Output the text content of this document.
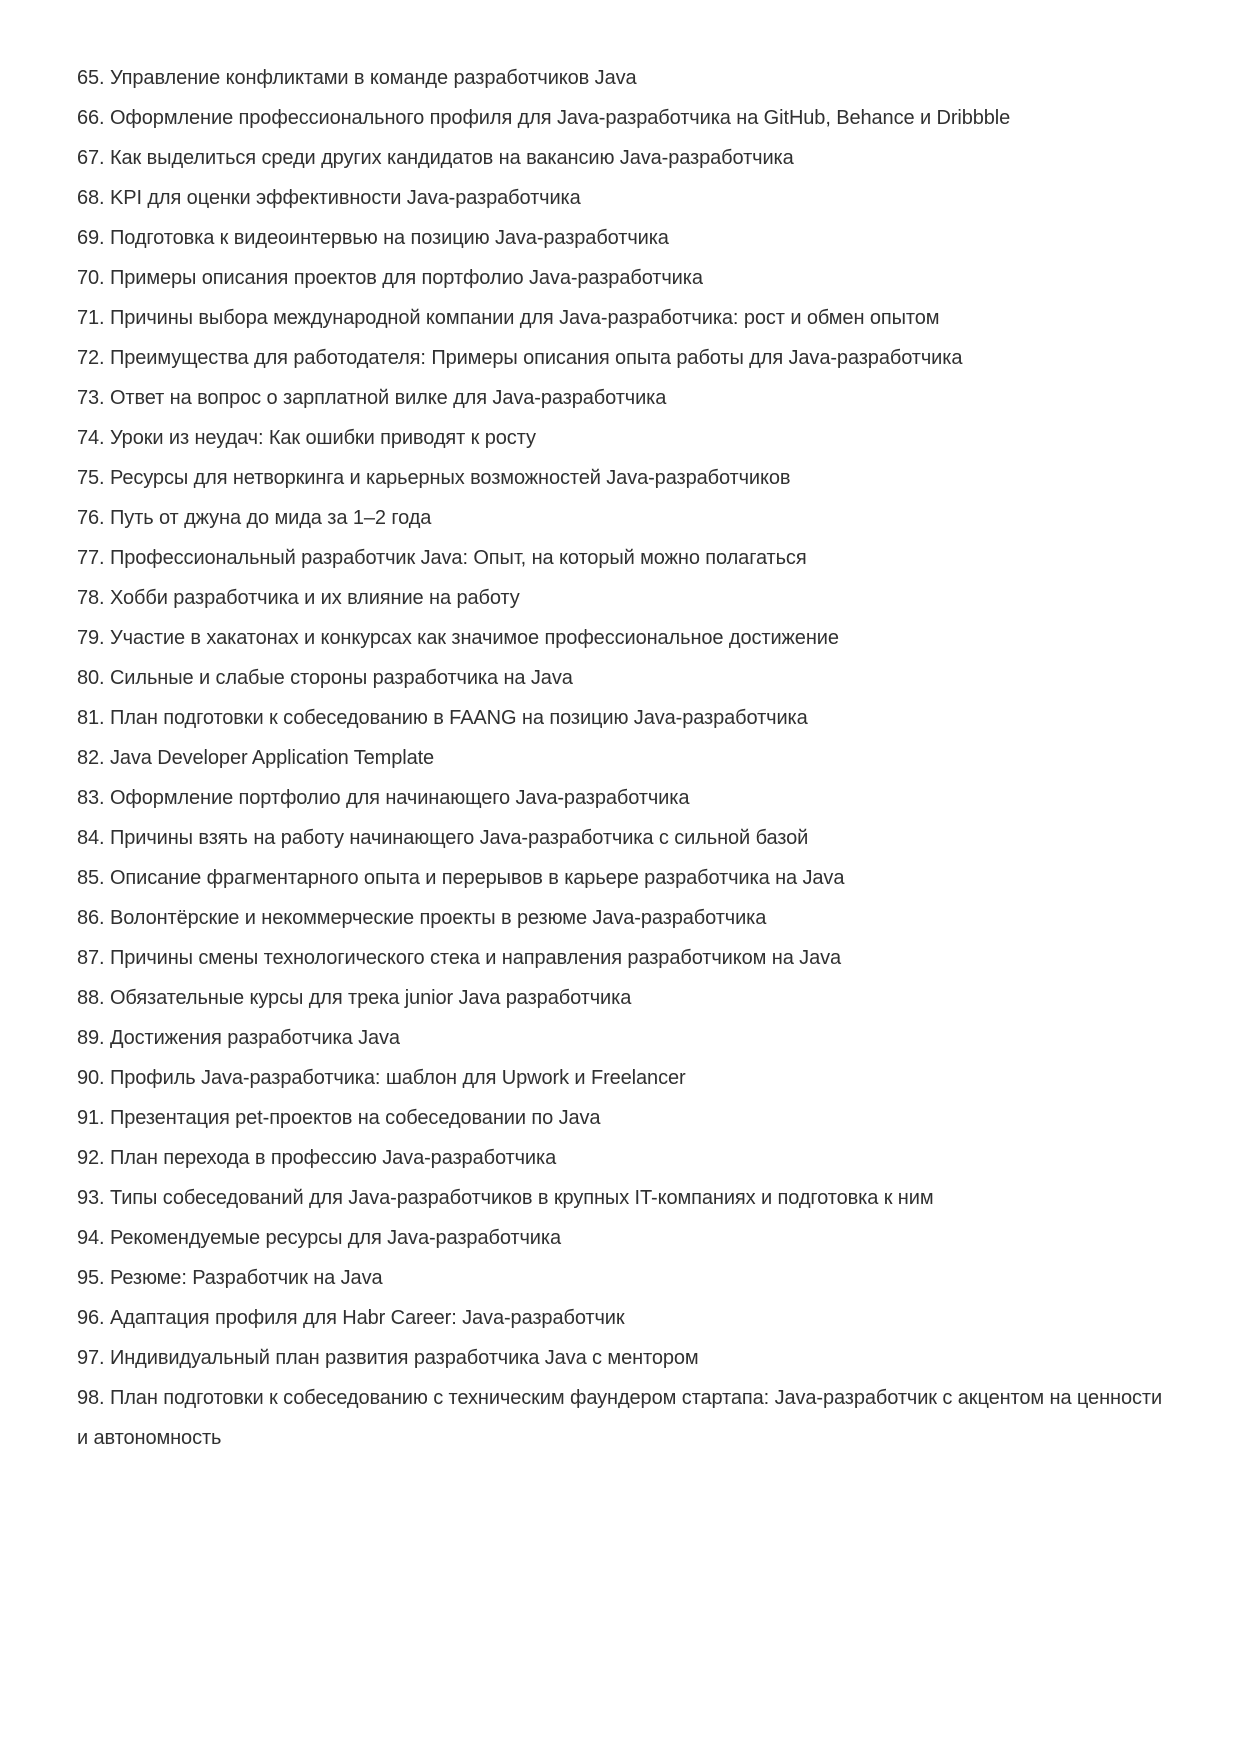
65. Управление конфликтами в команде разработчиков Java

66. Оформление профессионального профиля для Java-разработчика на GitHub, Behance и Dribbble

67. Как выделиться среди других кандидатов на вакансию Java-разработчика

68. KPI для оценки эффективности Java-разработчика

69. Подготовка к видеоинтервью на позицию Java-разработчика

70. Примеры описания проектов для портфолио Java-разработчика

71. Причины выбора международной компании для Java-разработчика: рост и обмен опытом

72. Преимущества для работодателя: Примеры описания опыта работы для Java-разработчика

73. Ответ на вопрос о зарплатной вилке для Java-разработчика

74. Уроки из неудач: Как ошибки приводят к росту

75. Ресурсы для нетворкинга и карьерных возможностей Java-разработчиков

76. Путь от джуна до мида за 1–2 года

77. Профессиональный разработчик Java: Опыт, на который можно полагаться

78. Хобби разработчика и их влияние на работу

79. Участие в хакатонах и конкурсах как значимое профессиональное достижение

80. Сильные и слабые стороны разработчика на Java

81. План подготовки к собеседованию в FAANG на позицию Java-разработчика

82. Java Developer Application Template

83. Оформление портфолио для начинающего Java-разработчика

84. Причины взять на работу начинающего Java-разработчика с сильной базой

85. Описание фрагментарного опыта и перерывов в карьере разработчика на Java

86. Волонтёрские и некоммерческие проекты в резюме Java-разработчика

87. Причины смены технологического стека и направления разработчиком на Java

88. Обязательные курсы для трека junior Java разработчика

89. Достижения разработчика Java

90. Профиль Java-разработчика: шаблон для Upwork и Freelancer

91. Презентация pet-проектов на собеседовании по Java

92. План перехода в профессию Java-разработчика

93. Типы собеседований для Java-разработчиков в крупных IT-компаниях и подготовка к ним

94. Рекомендуемые ресурсы для Java-разработчика

95. Резюме: Разработчик на Java

96. Адаптация профиля для Habr Career: Java-разработчик

97. Индивидуальный план развития разработчика Java с ментором

98. План подготовки к собеседованию с техническим фаундером стартапа: Java-разработчик с акцентом на ценности и автономность
